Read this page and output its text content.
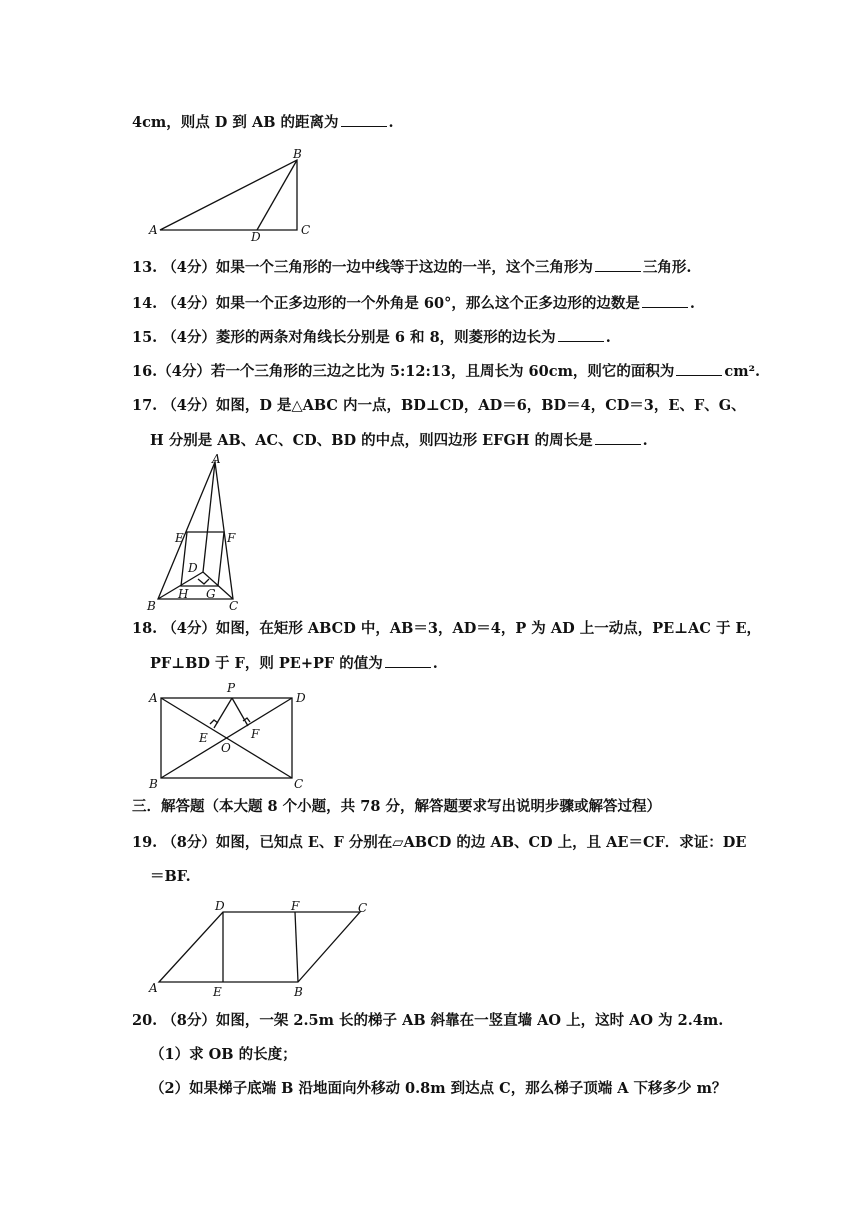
4cm，则点 D 到 AB 的距离为	.
B
A	C
D
13. （4分）如果一个三角形的一边中线等于这边的一半，这个三角形为	三角形.
14. （4分）如果一个正多边形的一个外角是 60°，那么这个正多边形的边数是	.
15. （4分）菱形的两条对角线长分别是 6 和 8，则菱形的边长为	.
16.（4分）若一个三角形的三边之比为 5:12:13，且周长为 60cm，则它的面积为	cm².
17. （4分）如图，D 是△ABC 内一点，BD⊥CD，AD＝6，BD＝4，CD＝3，E、F、G、
H 分别是 AB、AC、CD、BD 的中点，则四边形 EFGH 的周长是	.
A
E	F
D
H G
B	C
18. （4分）如图，在矩形 ABCD 中，AB＝3，AD＝4，P 为 AD 上一动点，PE⊥AC 于 E，
PF⊥BD 于 F，则 PE+PF 的值为	.
P
A	D
E	F
O
B	C
三．解答题（本大题 8 个小题，共 78 分，解答题要求写出说明步骤或解答过程）
19. （8分）如图，已知点 E、F 分别在▱ABCD 的边 AB、CD 上，且 AE＝CF．求证：DE
＝BF.
D	F	C
A	E	B
20. （8分）如图，一架 2.5m 长的梯子 AB 斜靠在一竖直墙 AO 上，这时 AO 为 2.4m.
（1）求 OB 的长度；
（2）如果梯子底端 B 沿地面向外移动 0.8m 到达点 C，那么梯子顶端 A 下移多少 m？
